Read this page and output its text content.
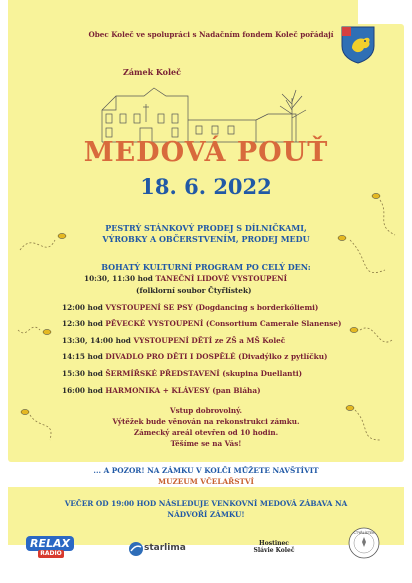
Obec Koleč ve spolupráci s Nadačním fondem Koleč pořádají
Zámek Koleč
MEDOVÁ POUŤ
18. 6. 2022
PESTRÝ STÁNKOVÝ PRODEJ S DÍLNIČKAMI,
VÝROBKY A OBČERSTVENÍM, PRODEJ MEDU
BOHATÝ KULTURNÍ PROGRAM PO CELÝ DEN:
10:30, 11:30 hod TANEČNÍ LIDOVÉ VYSTOUPENÍ
(folklorní soubor Čtyřlístek)
12:00 hod VYSTOUPENÍ SE PSY (Dogdancing s borderkóliemi)
12:30 hod PĚVECKÉ VYSTOUPENÍ (Consortium Camerale Slanense)
13:30, 14:00 hod VYSTOUPENÍ DĚTÍ ze ZŠ a MŠ Koleč
14:15 hod DIVADLO PRO DĚTI I DOSPĚLÉ (Divadýlko z pytlíčku)
15:30 hod ŠERMÍŘSKÉ PŘEDSTAVENÍ (skupina Duellanti)
16:00 hod HARMONIKA + KLÁVESY (pan Bláha)
Vstup dobrovolný.
Výtěžek bude věnován na rekonstrukci zámku.
Zámecký areál otevřen od 10 hodin.
Těšíme se na Vás!
... A POZOR! NA ZÁMKU V KOLČI MŮŽETE NAVŠTÍVIT
MUZEUM VČELAŘSTVÍ
VEČER OD 19:00 HOD NÁSLEDUJE VENKOVNÍ MEDOVÁ ZÁBAVA NA
NÁDVOŘÍ ZÁMKU!
RELAX
RADIO
starlima	Hostinec
Slávie Koleč
ČTYŘLÍSTEK
